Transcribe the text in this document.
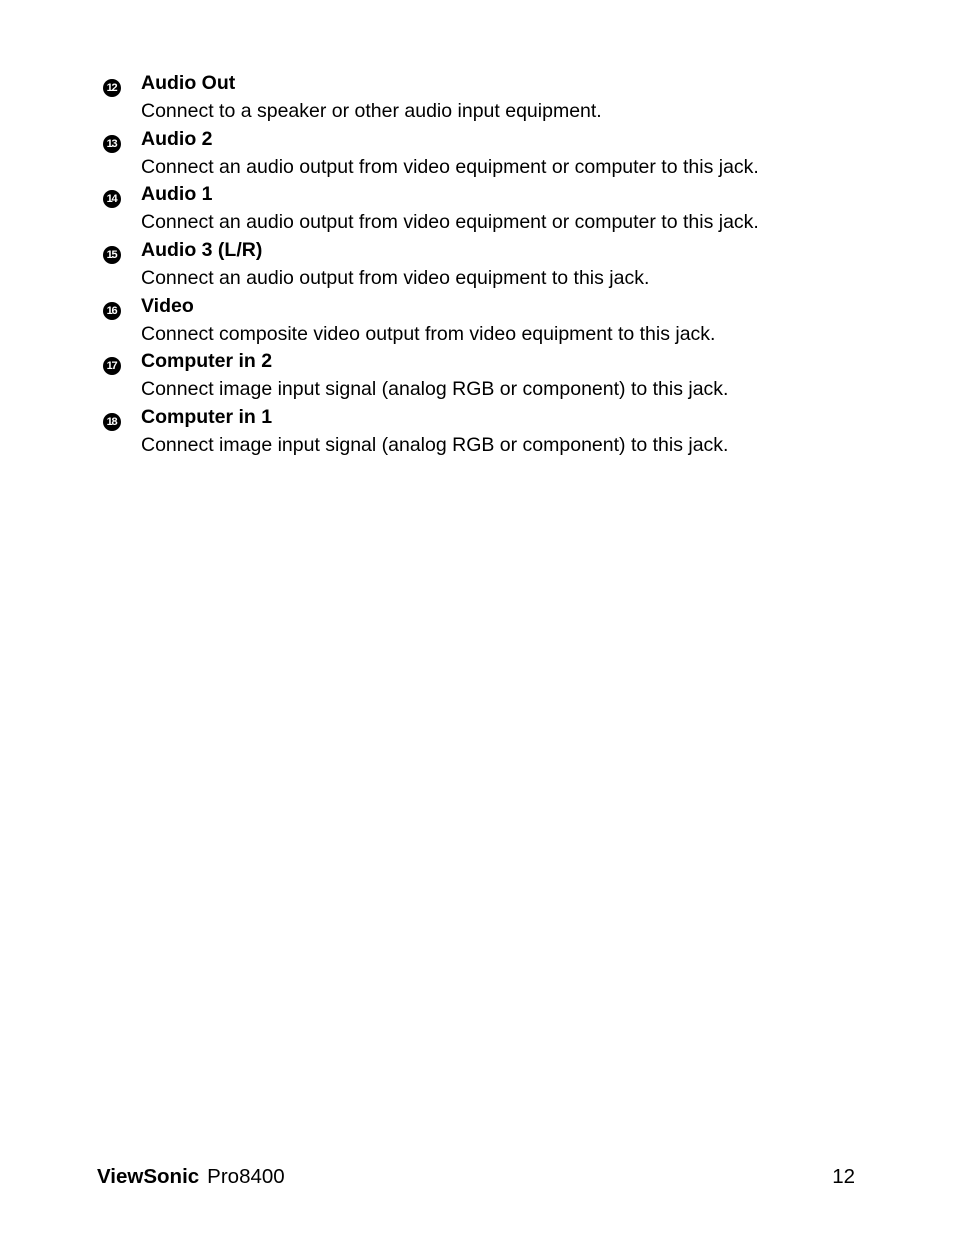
12 Audio Out
Connect to a speaker or other audio input equipment.
13 Audio 2
Connect an audio output from video equipment or computer to this jack.
14 Audio 1
Connect an audio output from video equipment or computer to this jack.
15 Audio 3 (L/R)
Connect an audio output from video equipment to this jack.
16 Video
Connect composite video output from video equipment to this jack.
17 Computer in 2
Connect image input signal (analog RGB or component) to this jack.
18 Computer in 1
Connect image input signal (analog RGB or component) to this jack.
ViewSonic Pro8400	12
